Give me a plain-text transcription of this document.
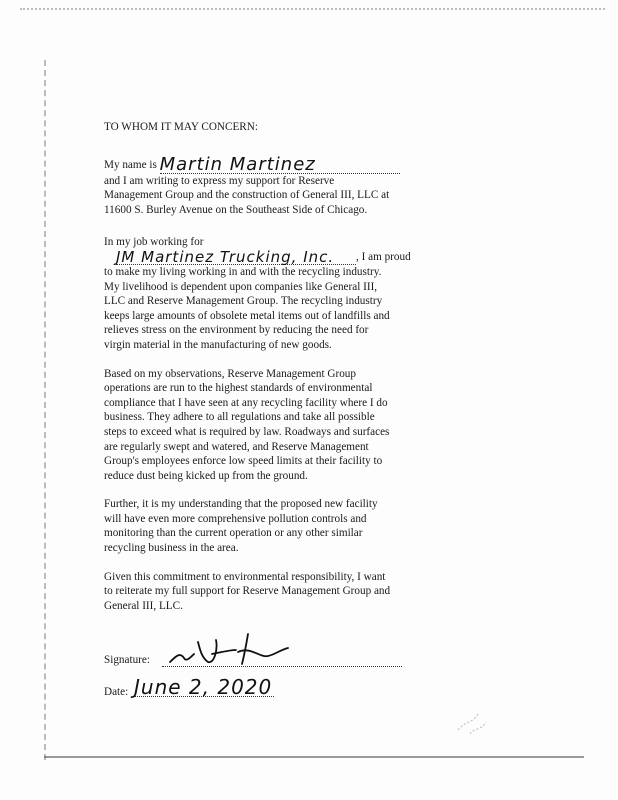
TO WHOM IT MAY CONCERN:

My name is Martin Martinez
and I am writing to express my support for Reserve
Management Group and the construction of General III, LLC at
11600 S. Burley Avenue on the Southeast Side of Chicago.

In my job working for
JM Martinez Trucking, Inc. , I am proud
to make my living working in and with the recycling industry.
My livelihood is dependent upon companies like General III,
LLC and Reserve Management Group. The recycling industry
keeps large amounts of obsolete metal items out of landfills and
relieves stress on the environment by reducing the need for
virgin material in the manufacturing of new goods.

Based on my observations, Reserve Management Group
operations are run to the highest standards of environmental
compliance that I have seen at any recycling facility where I do
business. They adhere to all regulations and take all possible
steps to exceed what is required by law. Roadways and surfaces
are regularly swept and watered, and Reserve Management
Group's employees enforce low speed limits at their facility to
reduce dust being kicked up from the ground.

Further, it is my understanding that the proposed new facility
will have even more comprehensive pollution controls and
monitoring than the current operation or any other similar
recycling business in the area.

Given this commitment to environmental responsibility, I want
to reiterate my full support for Reserve Management Group and
General III, LLC.

Signature:
Date: June 2, 2020
